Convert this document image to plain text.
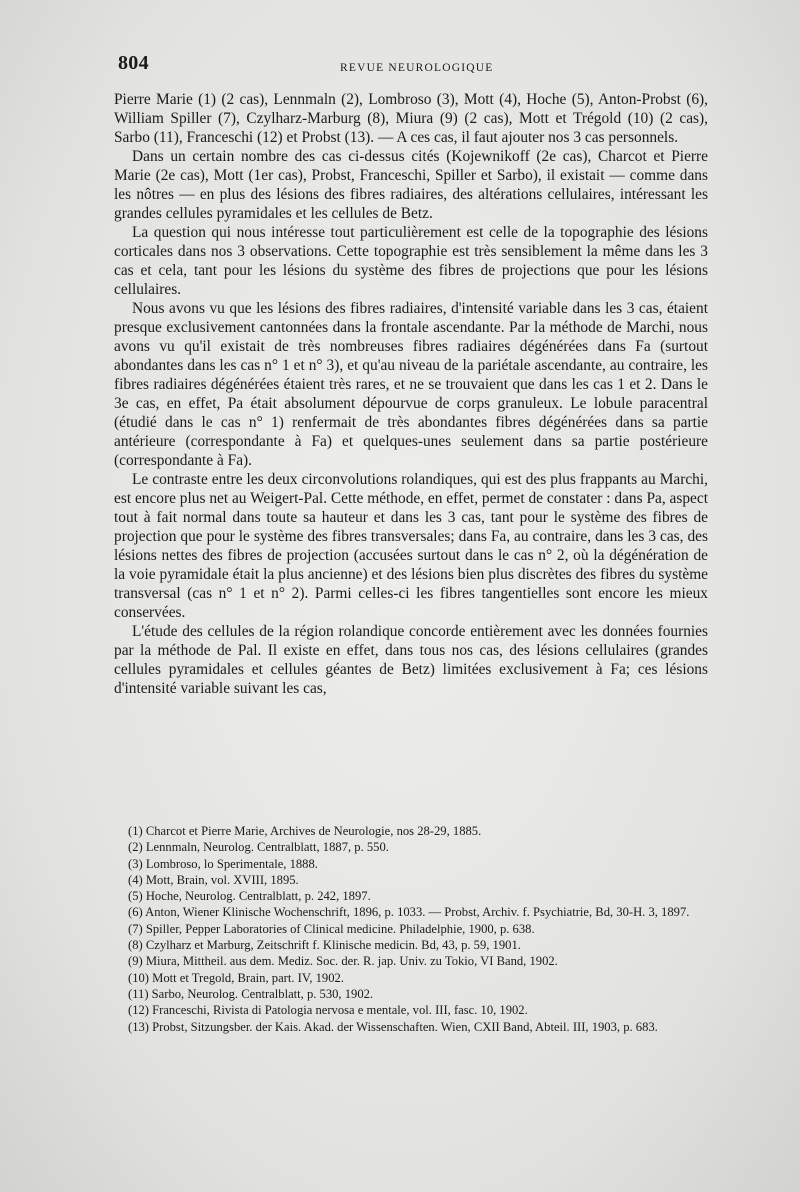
804	REVUE NEUROLOGIQUE

Pierre Marie (1) (2 cas), Lennmaln (2), Lombroso (3), Mott (4), Hoche (5), Anton-Probst (6), William Spiller (7), Czylharz-Marburg (8), Miura (9) (2 cas), Mott et Trégold (10) (2 cas), Sarbo (11), Franceschi (12) et Probst (13). — A ces cas, il faut ajouter nos 3 cas personnels.

Dans un certain nombre des cas ci-dessus cités (Kojewnikoff (2e cas), Charcot et Pierre Marie (2e cas), Mott (1er cas), Probst, Franceschi, Spiller et Sarbo), il existait — comme dans les nôtres — en plus des lésions des fibres radiaires, des altérations cellulaires, intéressant les grandes cellules pyramidales et les cellules de Betz.

La question qui nous intéresse tout particulièrement est celle de la topographie des lésions corticales dans nos 3 observations. Cette topographie est très sensiblement la même dans les 3 cas et cela, tant pour les lésions du système des fibres de projections que pour les lésions cellulaires.

Nous avons vu que les lésions des fibres radiaires, d'intensité variable dans les 3 cas, étaient presque exclusivement cantonnées dans la frontale ascendante. Par la méthode de Marchi, nous avons vu qu'il existait de très nombreuses fibres radiaires dégénérées dans Fa (surtout abondantes dans les cas n° 1 et n° 3), et qu'au niveau de la pariétale ascendante, au contraire, les fibres radiaires dégénérées étaient très rares, et ne se trouvaient que dans les cas 1 et 2. Dans le 3e cas, en effet, Pa était absolument dépourvue de corps granuleux. Le lobule paracentral (étudié dans le cas n° 1) renfermait de très abondantes fibres dégénérées dans sa partie antérieure (correspondante à Fa) et quelques-unes seulement dans sa partie postérieure (correspondante à Fa).

Le contraste entre les deux circonvolutions rolandiques, qui est des plus frappants au Marchi, est encore plus net au Weigert-Pal. Cette méthode, en effet, permet de constater : dans Pa, aspect tout à fait normal dans toute sa hauteur et dans les 3 cas, tant pour le système des fibres de projection que pour le système des fibres transversales; dans Fa, au contraire, dans les 3 cas, des lésions nettes des fibres de projection (accusées surtout dans le cas n° 2, où la dégénération de la voie pyramidale était la plus ancienne) et des lésions bien plus discrètes des fibres du système transversal (cas n° 1 et n° 2). Parmi celles-ci les fibres tangentielles sont encore les mieux conservées.

L'étude des cellules de la région rolandique concorde entièrement avec les données fournies par la méthode de Pal. Il existe en effet, dans tous nos cas, des lésions cellulaires (grandes cellules pyramidales et cellules géantes de Betz) limitées exclusivement à Fa; ces lésions d'intensité variable suivant les cas,

(1) Charcot et Pierre Marie, Archives de Neurologie, nos 28-29, 1885.

(2) Lennmaln, Neurolog. Centralblatt, 1887, p. 550.

(3) Lombroso, lo Sperimentale, 1888.

(4) Mott, Brain, vol. XVIII, 1895.

(5) Hoche, Neurolog. Centralblatt, p. 242, 1897.

(6) Anton, Wiener Klinische Wochenschrift, 1896, p. 1033. — Probst, Archiv. f. Psychiatrie, Bd, 30-H. 3, 1897.

(7) Spiller, Pepper Laboratories of Clinical medicine. Philadelphie, 1900, p. 638.

(8) Czylharz et Marburg, Zeitschrift f. Klinische medicin. Bd, 43, p. 59, 1901.

(9) Miura, Mittheil. aus dem. Mediz. Soc. der. R. jap. Univ. zu Tokio, VI Band, 1902.

(10) Mott et Tregold, Brain, part. IV, 1902.

(11) Sarbo, Neurolog. Centralblatt, p. 530, 1902.

(12) Franceschi, Rivista di Patologia nervosa e mentale, vol. III, fasc. 10, 1902.

(13) Probst, Sitzungsber. der Kais. Akad. der Wissenschaften. Wien, CXII Band, Abteil. III, 1903, p. 683.
